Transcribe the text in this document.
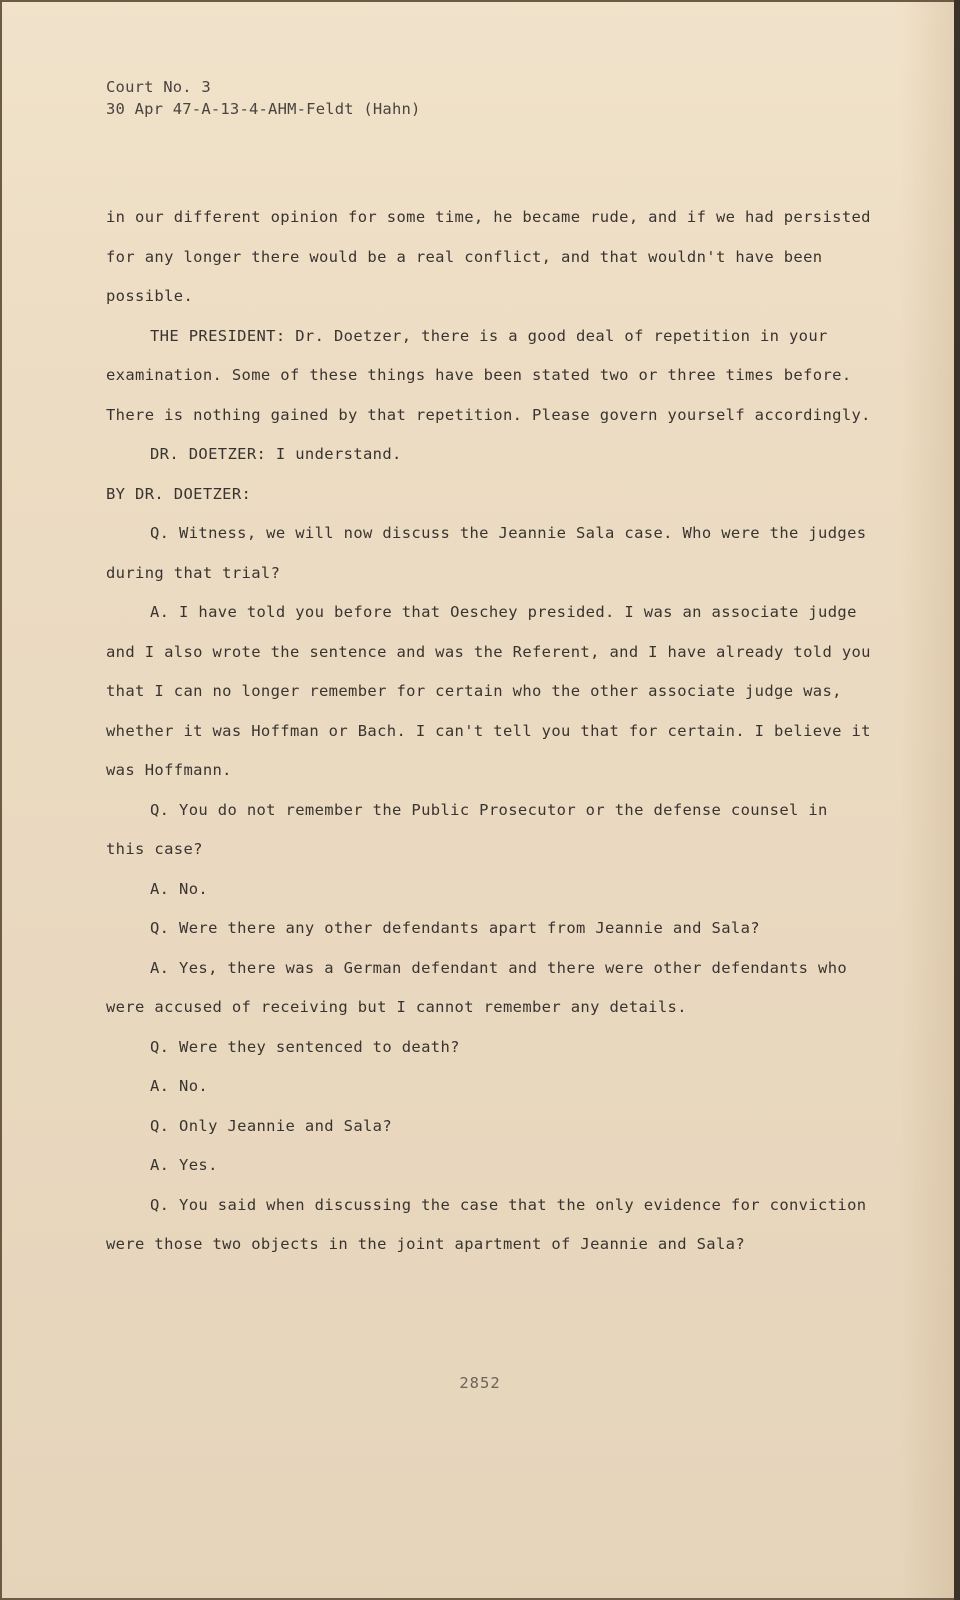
Court No. 3
30 Apr 47-A-13-4-AHM-Feldt (Hahn)

in our different opinion for some time, he became rude, and if we had persisted for any longer there would be a real conflict, and that wouldn't have been possible.

THE PRESIDENT: Dr. Doetzer, there is a good deal of repetition in your examination. Some of these things have been stated two or three times before. There is nothing gained by that repetition. Please govern yourself accordingly.

DR. DOETZER: I understand.

BY DR. DOETZER:

Q. Witness, we will now discuss the Jeannie Sala case. Who were the judges during that trial?

A. I have told you before that Oeschey presided. I was an associate judge and I also wrote the sentence and was the Referent, and I have already told you that I can no longer remember for certain who the other associate judge was, whether it was Hoffman or Bach. I can't tell you that for certain. I believe it was Hoffmann.

Q. You do not remember the Public Prosecutor or the defense counsel in this case?

A. No.

Q. Were there any other defendants apart from Jeannie and Sala?

A. Yes, there was a German defendant and there were other defendants who were accused of receiving but I cannot remember any details.

Q. Were they sentenced to death?

A. No.

Q. Only Jeannie and Sala?

A. Yes.

Q. You said when discussing the case that the only evidence for conviction were those two objects in the joint apartment of Jeannie and Sala?

2852
